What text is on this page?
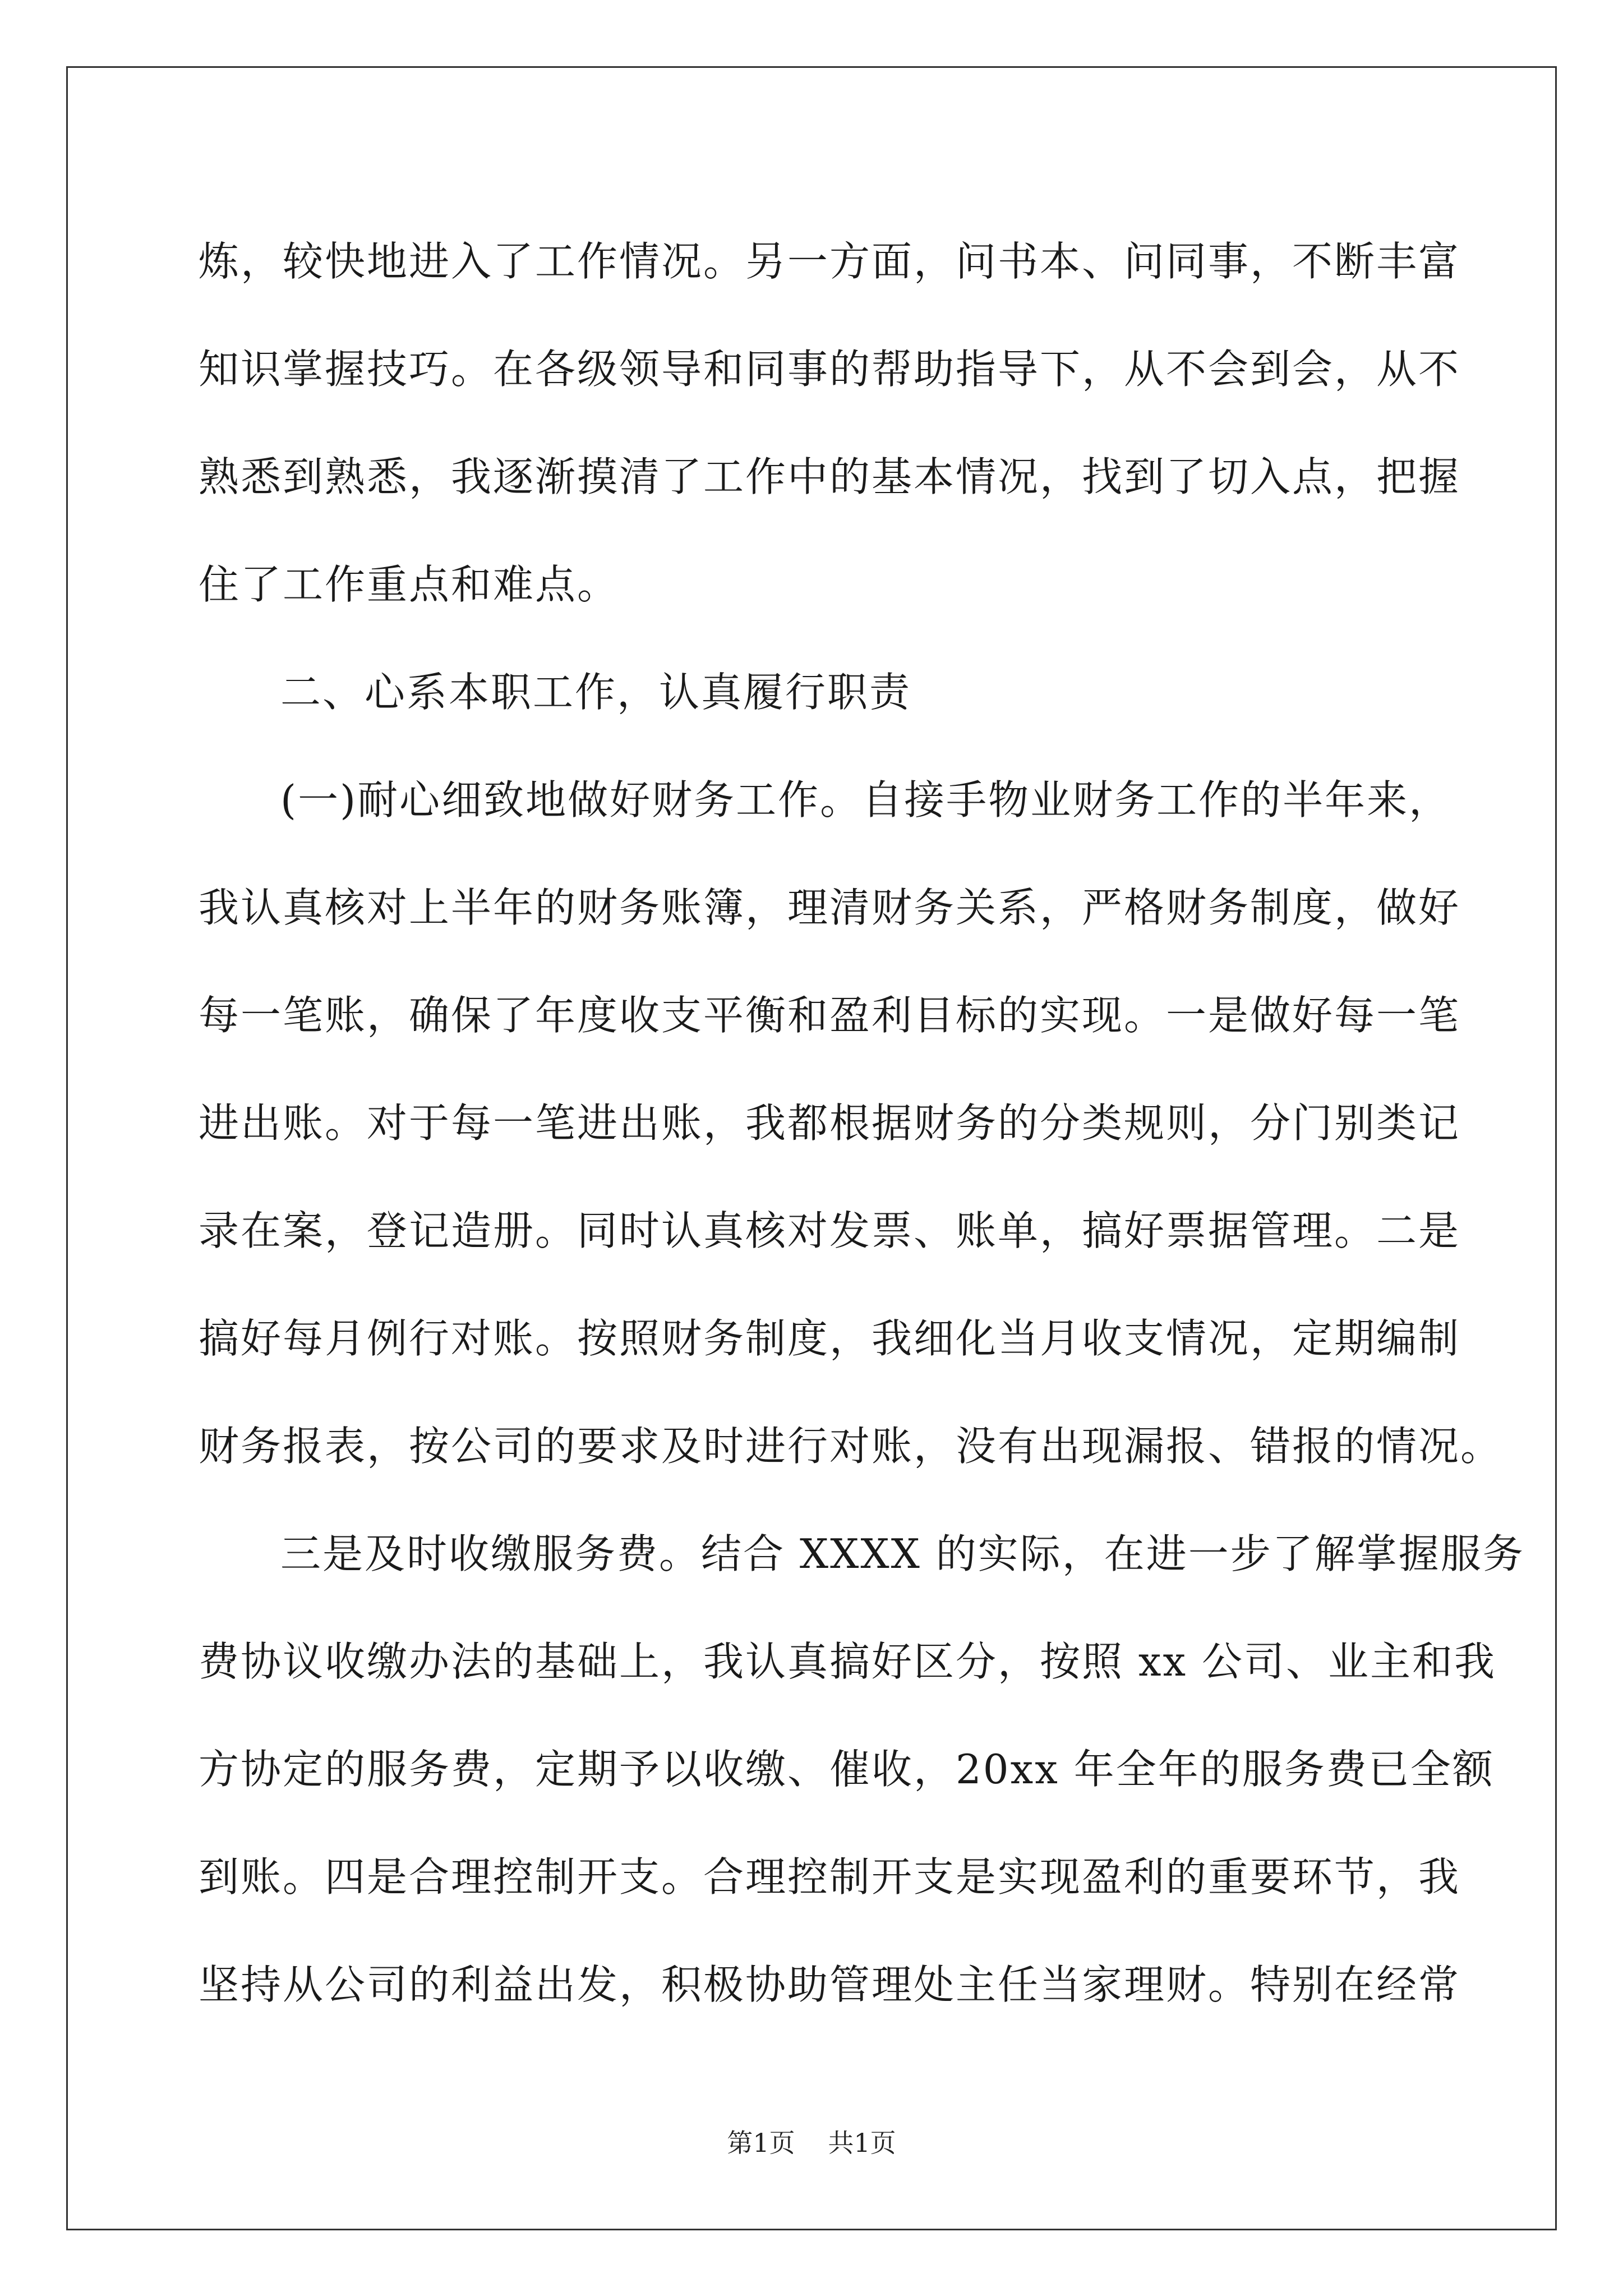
炼，较快地进入了工作情况。另一方面，问书本、问同事，不断丰富
知识掌握技巧。在各级领导和同事的帮助指导下，从不会到会，从不
熟悉到熟悉，我逐渐摸清了工作中的基本情况，找到了切入点，把握
住了工作重点和难点。
二、心系本职工作，认真履行职责
(一)耐心细致地做好财务工作。自接手物业财务工作的半年来，
我认真核对上半年的财务账簿，理清财务关系，严格财务制度，做好
每一笔账，确保了年度收支平衡和盈利目标的实现。一是做好每一笔
进出账。对于每一笔进出账，我都根据财务的分类规则，分门别类记
录在案，登记造册。同时认真核对发票、账单，搞好票据管理。二是
搞好每月例行对账。按照财务制度，我细化当月收支情况，定期编制
财务报表，按公司的要求及时进行对账，没有出现漏报、错报的情况。
三是及时收缴服务费。结合 XXXX 的实际，在进一步了解掌握服务
费协议收缴办法的基础上，我认真搞好区分，按照 xx 公司、业主和我
方协定的服务费，定期予以收缴、催收，20xx 年全年的服务费已全额
到账。四是合理控制开支。合理控制开支是实现盈利的重要环节，我
坚持从公司的利益出发，积极协助管理处主任当家理财。特别在经常
第1页 共1页
